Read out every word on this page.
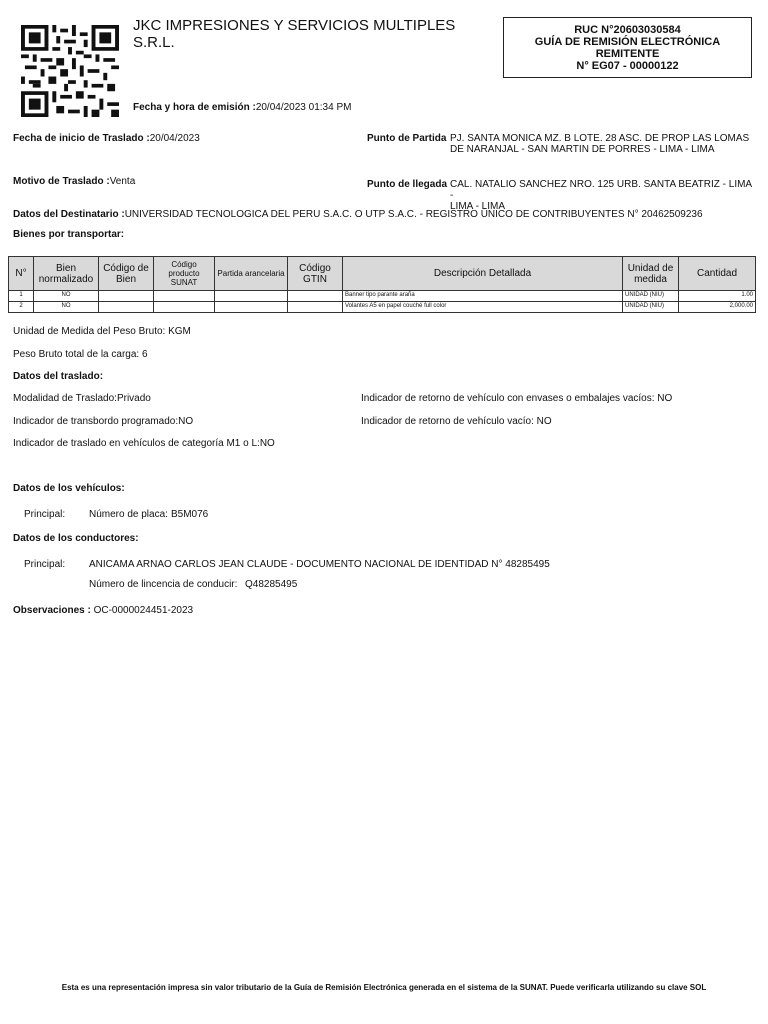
JKC IMPRESIONES Y SERVICIOS MULTIPLES
S.R.L.
RUC N°20603030584
GUÍA DE REMISIÓN ELECTRÓNICA
REMITENTE
N° EG07 - 00000122
Fecha y hora de emisión :20/04/2023 01:34 PM
Fecha de inicio de Traslado :20/04/2023	Punto de Partida PJ. SANTA MONICA MZ. B LOTE. 28 ASC. DE PROP LAS LOMAS
DE NARANJAL - SAN MARTIN DE PORRES - LIMA - LIMA
Motivo de Traslado :Venta	Punto de llegada CAL. NATALIO SANCHEZ NRO. 125 URB. SANTA BEATRIZ - LIMA -
LIMA - LIMA
Datos del Destinatario :UNIVERSIDAD TECNOLOGICA DEL PERU S.A.C. O UTP S.A.C. - REGISTRO ÚNICO DE CONTRIBUYENTES N° 20462509236
Bienes por transportar:
N°	Bien normalizado	Código de Bien	Código producto SUNAT	Partida arancelaria	Código GTIN	Descripción Detallada	Unidad de medida	Cantidad
1	NO					Banner tipo parante araña	UNIDAD (NIU)	1.00
2	NO					Volantes A5 en papel couché full color	UNIDAD (NIU)	2,000.00
Unidad de Medida del Peso Bruto: KGM
Peso Bruto total de la carga: 6
Datos del traslado:
Modalidad de Traslado:Privado
Indicador de transbordo programado:NO
Indicador de traslado en vehículos de categoría M1 o L:NO
Indicador de retorno de vehículo con envases o embalajes vacíos: NO
Indicador de retorno de vehículo vacío: NO
Datos de los vehículos:
Principal: Número de placa: B5M076
Datos de los conductores:
Principal: ANICAMA ARNAO CARLOS JEAN CLAUDE - DOCUMENTO NACIONAL DE IDENTIDAD N° 48285495
Número de lincencia de conducir: Q48285495
Observaciones : OC-0000024451-2023
Esta es una representación impresa sin valor tributario de la Guía de Remisión Electrónica generada en el sistema de la SUNAT. Puede verificarla utilizando su clave SOL
